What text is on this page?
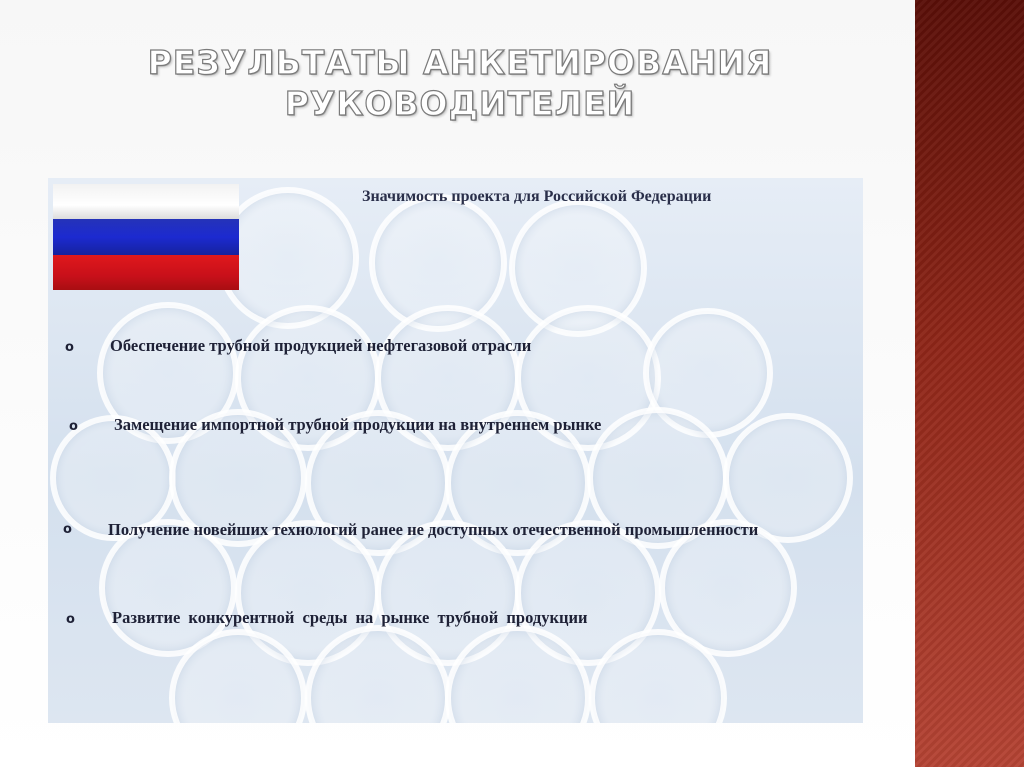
РЕЗУЛЬТАТЫ АНКЕТИРОВАНИЯ
РУКОВОДИТЕЛЕЙ
Значимость проекта для Российской Федерации
o Обеспечение трубной продукцией нефтегазовой отрасли
o Замещение импортной трубной продукции на внутреннем рынке
o Получение новейших технологий ранее не доступных отечественной промышленности
o Развитие конкурентной среды на рынке трубной продукции
